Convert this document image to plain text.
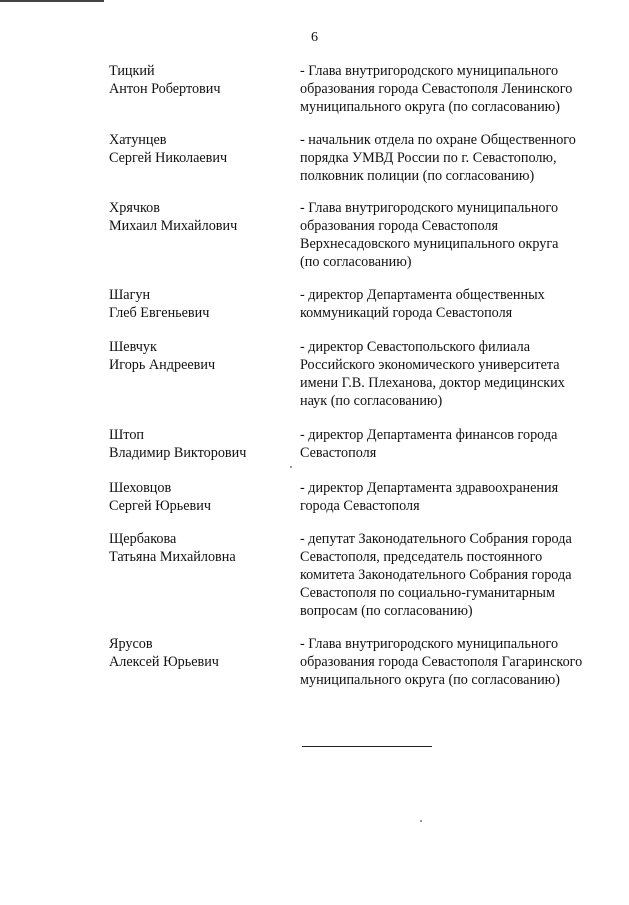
6
Тицкий
Антон Робертович
- Глава внутригородского муниципального
образования города Севастополя Ленинского
муниципального округа (по согласованию)
Хатунцев
Сергей Николаевич
- начальник отдела по охране Общественного
порядка УМВД России по г. Севастополю,
полковник полиции (по согласованию)
Хрячков
Михаил Михайлович
- Глава внутригородского муниципального
образования города Севастополя
Верхнесадовского муниципального округа
(по согласованию)
Шагун
Глеб Евгеньевич
- директор Департамента общественных
коммуникаций города Севастополя
Шевчук
Игорь Андреевич
- директор Севастопольского филиала
Российского экономического университета
имени Г.В. Плеханова, доктор медицинских
наук (по согласованию)
Штоп
Владимир Викторович
- директор Департамента финансов города
Севастополя
Шеховцов
Сергей Юрьевич
- директор Департамента здравоохранения
города Севастополя
Щербакова
Татьяна Михайловна
- депутат Законодательного Собрания города
Севастополя, председатель постоянного
комитета Законодательного Собрания города
Севастополя по социально-гуманитарным
вопросам (по согласованию)
Ярусов
Алексей Юрьевич
- Глава внутригородского муниципального
образования города Севастополя Гагаринского
муниципального округа (по согласованию)
